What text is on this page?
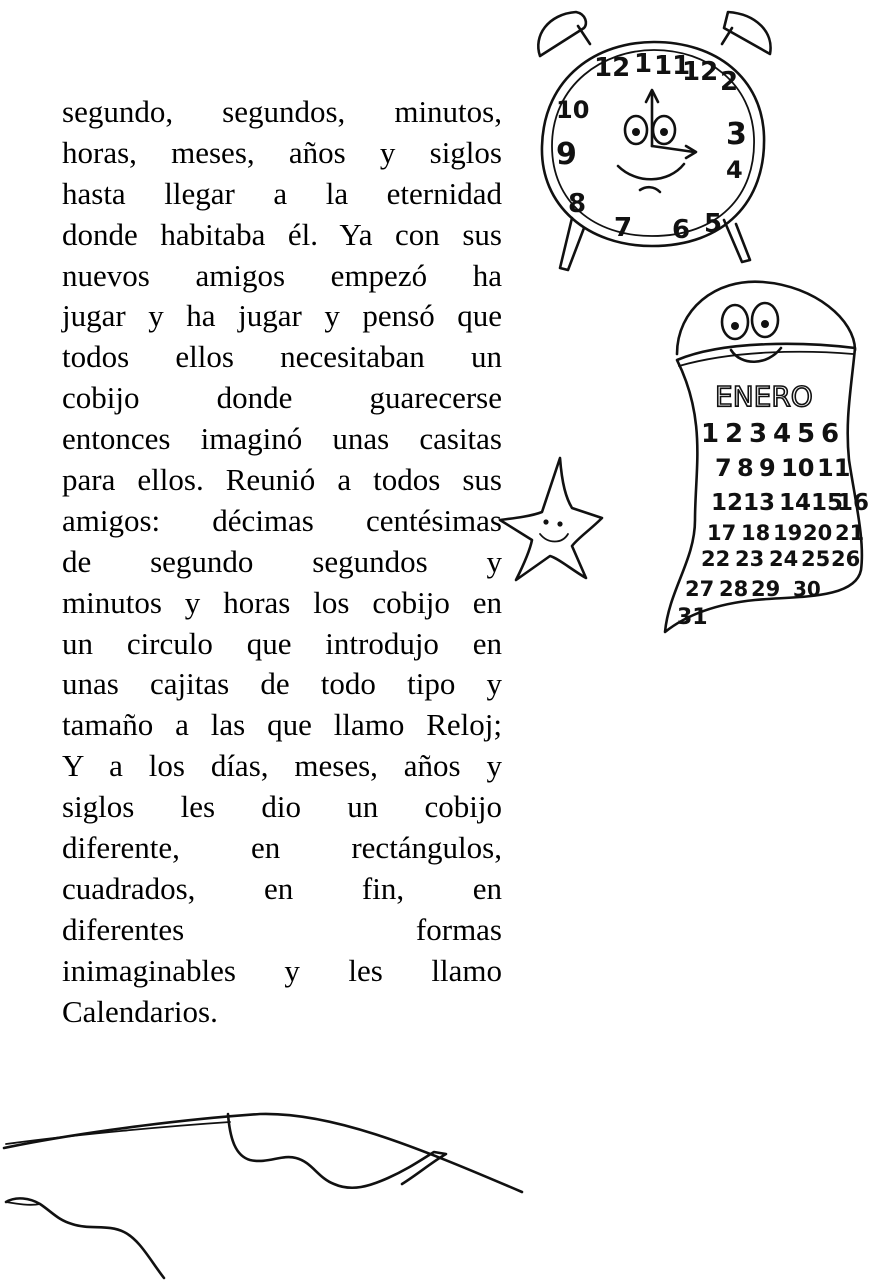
segundo, segundos, minutos,
horas, meses, años y siglos
hasta llegar a la eternidad
donde habitaba él. Ya con sus
nuevos amigos empezó ha
jugar y ha jugar y pensó que
todos ellos necesitaban un
cobijo donde guarecerse
entonces imaginó unas casitas
para ellos. Reunió a todos sus
amigos: décimas centésimas
de segundo segundos y
minutos y horas los cobijo en
un circulo que introdujo en
unas cajitas de todo tipo y
tamaño a las que llamo Reloj;
Y a los días, meses, años y
siglos les dio un cobijo
diferente, en rectángulos,
cuadrados, en fin, en
diferentes formas
inimaginables y les llamo
Calendarios.
12 1
2
3
4
5
6
7
8
9
10
11
12
ENERO
1 2 3 4 5 6
7 8 9 10 11
12 13 14 15
16
17 18 19 20 21
22 23 24 25 26
27 28 29 30
31
